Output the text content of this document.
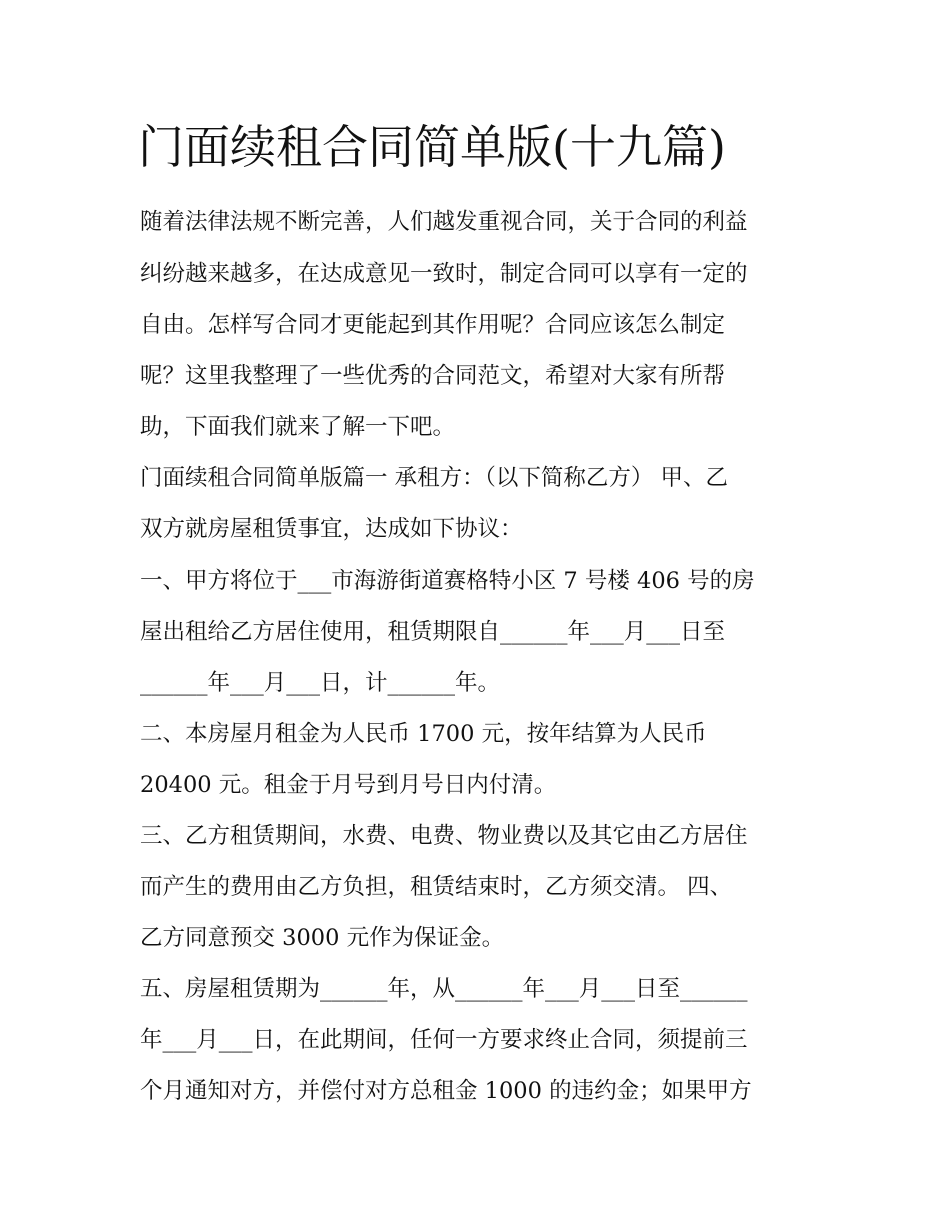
门面续租合同简单版(十九篇)

随着法律法规不断完善，人们越发重视合同，关于合同的利益

纠纷越来越多，在达成意见一致时，制定合同可以享有一定的

自由。怎样写合同才更能起到其作用呢？合同应该怎么制定

呢？这里我整理了一些优秀的合同范文，希望对大家有所帮

助，下面我们就来了解一下吧。

门面续租合同简单版篇一 承租方：（以下简称乙方） 甲、乙

双方就房屋租赁事宜，达成如下协议：

一、甲方将位于___市海游街道赛格特小区 7 号楼 406 号的房

屋出租给乙方居住使用，租赁期限自______年___月___日至

______年___月___日，计______年。

二、本房屋月租金为人民币 1700 元，按年结算为人民币

20400 元。租金于月号到月号日内付清。

三、乙方租赁期间，水费、电费、物业费以及其它由乙方居住

而产生的费用由乙方负担，租赁结束时，乙方须交清。 四、

乙方同意预交 3000 元作为保证金。

五、房屋租赁期为______年，从______年___月___日至______

年___月___日，在此期间，任何一方要求终止合同，须提前三

个月通知对方，并偿付对方总租金 1000 的违约金；如果甲方
